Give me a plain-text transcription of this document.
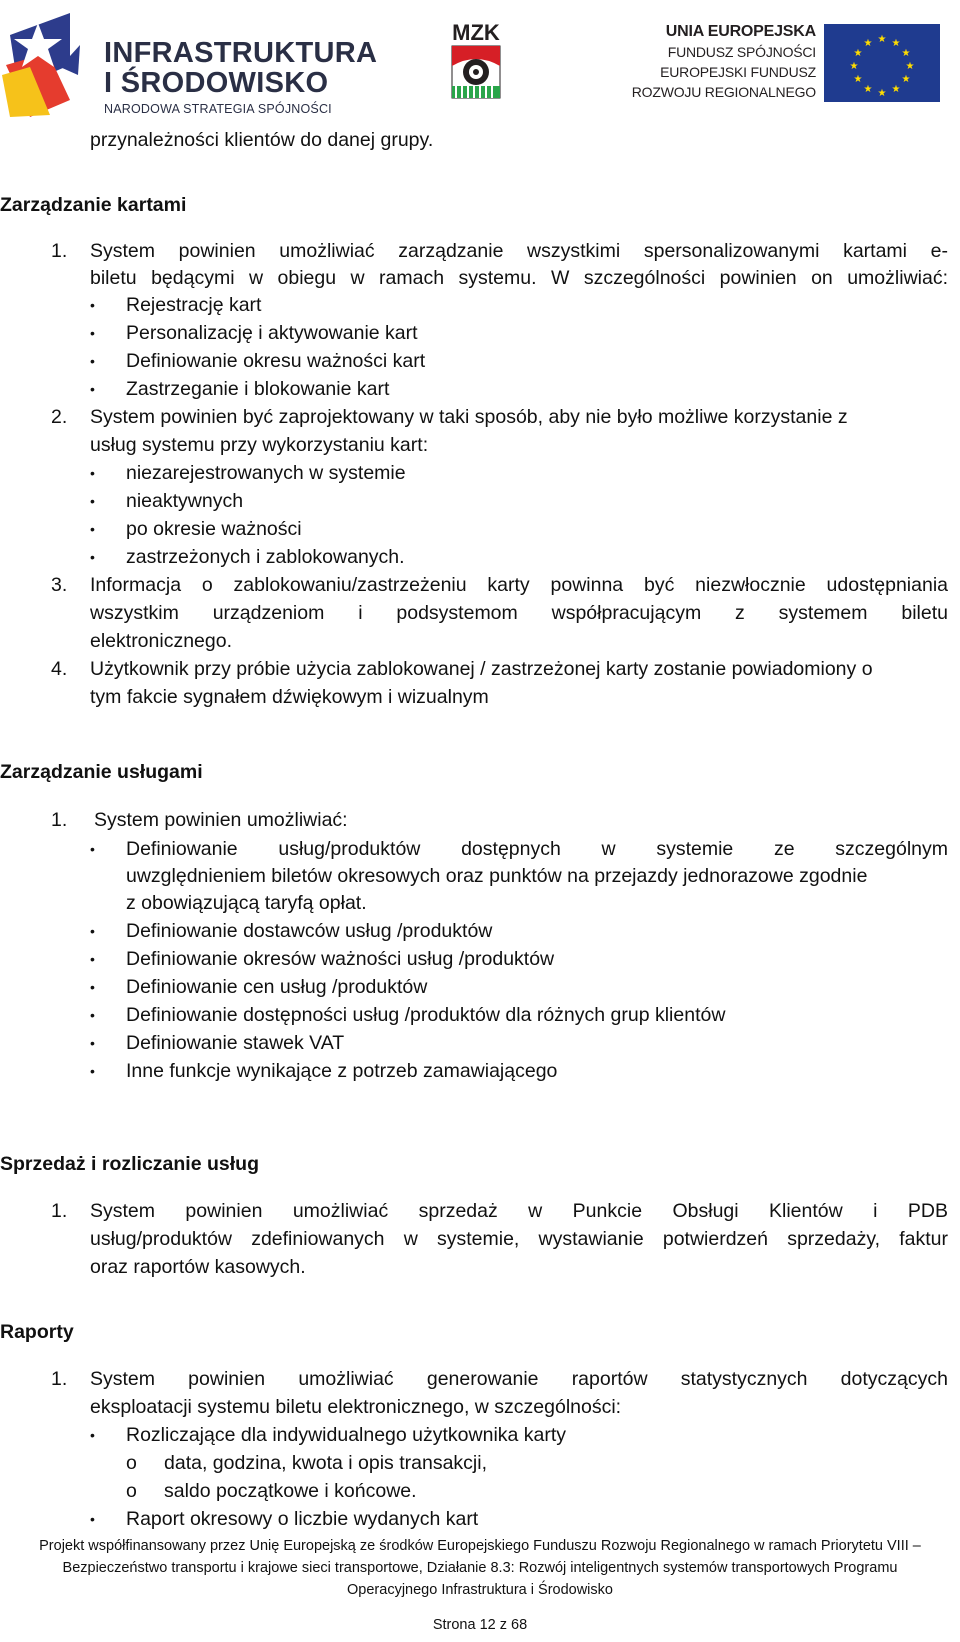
INFRASTRUKTURA
I ŚRODOWISKO
NARODOWA STRATEGIA SPÓJNOŚCI
MZK	UNIA EUROPEJSKA
FUNDUSZ SPÓJNOŚCI
EUROPEJSKI FUNDUSZ
ROZWOJU REGIONALNEGO
★ ★
★
★
★
★
★
★
★
★
★
★
przynależności klientów do danej grupy.
Zarządzanie kartami
1. System powinien umożliwiać zarządzanie wszystkimi spersonalizowanymi kartami e-
biletu będącymi w obiegu w ramach systemu. W szczególności powinien on umożliwiać:
• Rejestrację kart
• Personalizację i aktywowanie kart
• Definiowanie okresu ważności kart
• Zastrzeganie i blokowanie kart
2. System powinien być zaprojektowany w taki sposób, aby nie było możliwe korzystanie z
usług systemu przy wykorzystaniu kart:
• niezarejestrowanych w systemie
• nieaktywnych
• po okresie ważności
• zastrzeżonych i zablokowanych.
3. Informacja o zablokowaniu/zastrzeżeniu karty powinna być niezwłocznie udostępniania
wszystkim urządzeniom i podsystemom współpracującym z systemem biletu
elektronicznego.
4. Użytkownik przy próbie użycia zablokowanej / zastrzeżonej karty zostanie powiadomiony o
tym fakcie sygnałem dźwiękowym i wizualnym
Zarządzanie usługami
1. System powinien umożliwiać:
• Definiowanie usług/produktów dostępnych w systemie ze szczególnym
uwzględnieniem biletów okresowych oraz punktów na przejazdy jednorazowe zgodnie
z obowiązującą taryfą opłat.
• Definiowanie dostawców usług /produktów
• Definiowanie okresów ważności usług /produktów
• Definiowanie cen usług /produktów
• Definiowanie dostępności usług /produktów dla różnych grup klientów
• Definiowanie stawek VAT
• Inne funkcje wynikające z potrzeb zamawiającego
Sprzedaż i rozliczanie usług
1. System powinien umożliwiać sprzedaż w Punkcie Obsługi Klientów i PDB
usług/produktów zdefiniowanych w systemie, wystawianie potwierdzeń sprzedaży, faktur
oraz raportów kasowych.
Raporty
1. System powinien umożliwiać generowanie raportów statystycznych dotyczących
eksploatacji systemu biletu elektronicznego, w szczególności:
• Rozliczające dla indywidualnego użytkownika karty
o data, godzina, kwota i opis transakcji,
o saldo początkowe i końcowe.
• Raport okresowy o liczbie wydanych kart
Projekt współfinansowany przez Unię Europejską ze środków Europejskiego Funduszu Rozwoju Regionalnego w ramach Priorytetu VIII –
Bezpieczeństwo transportu i krajowe sieci transportowe, Działanie 8.3: Rozwój inteligentnych systemów transportowych Programu
Operacyjnego Infrastruktura i Środowisko
Strona 12 z 68
